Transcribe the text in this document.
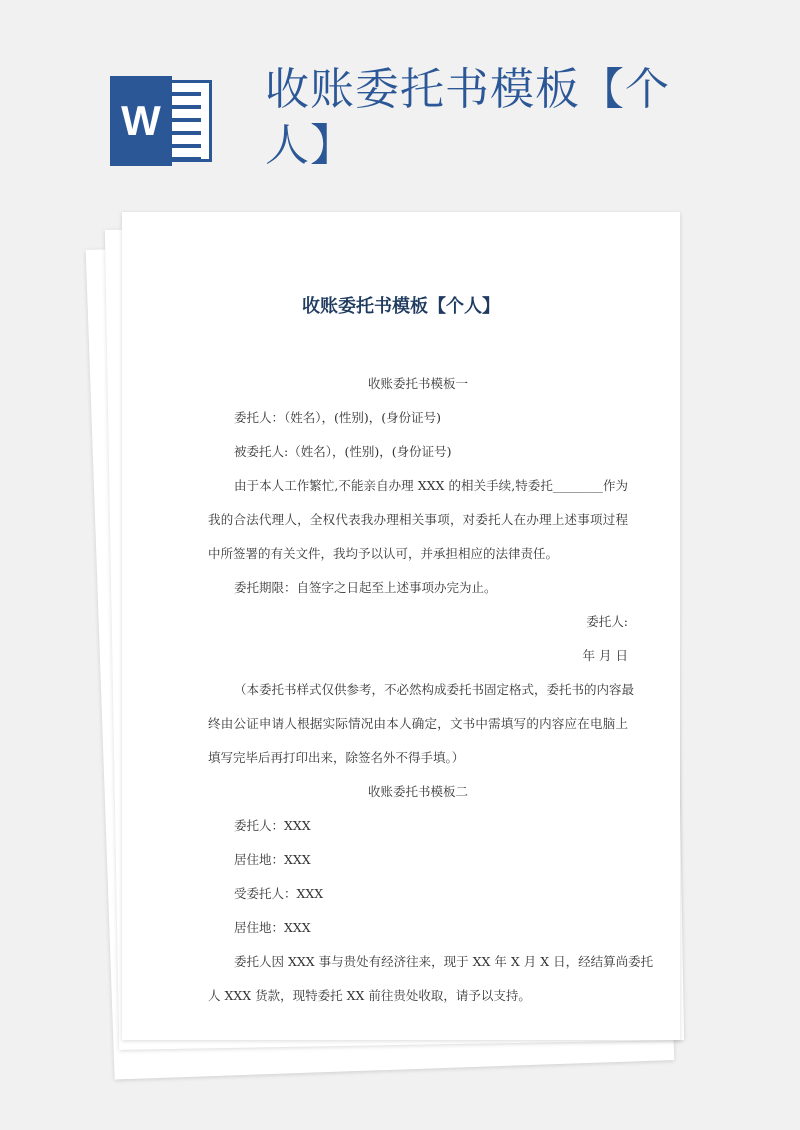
W
收账委托书模板【个人】
收账委托书模板【个人】
收账委托书模板一
委托人：（姓名），(性别)，(身份证号)
被委托人:（姓名），(性别)，(身份证号)
由于本人工作繁忙,不能亲自办理 XXX 的相关手续,特委托________作为
我的合法代理人，全权代表我办理相关事项，对委托人在办理上述事项过程
中所签署的有关文件，我均予以认可，并承担相应的法律责任。
委托期限：自签字之日起至上述事项办完为止。
委托人:
年 月 日
（本委托书样式仅供参考，不必然构成委托书固定格式，委托书的内容最
终由公证申请人根据实际情况由本人确定，文书中需填写的内容应在电脑上
填写完毕后再打印出来，除签名外不得手填。）
收账委托书模板二
委托人：XXX
居住地：XXX
受委托人：XXX
居住地：XXX
委托人因 XXX 事与贵处有经济往来，现于 XX 年 X 月 X 日，经结算尚委托
人 XXX 货款，现特委托 XX 前往贵处收取，请予以支持。
